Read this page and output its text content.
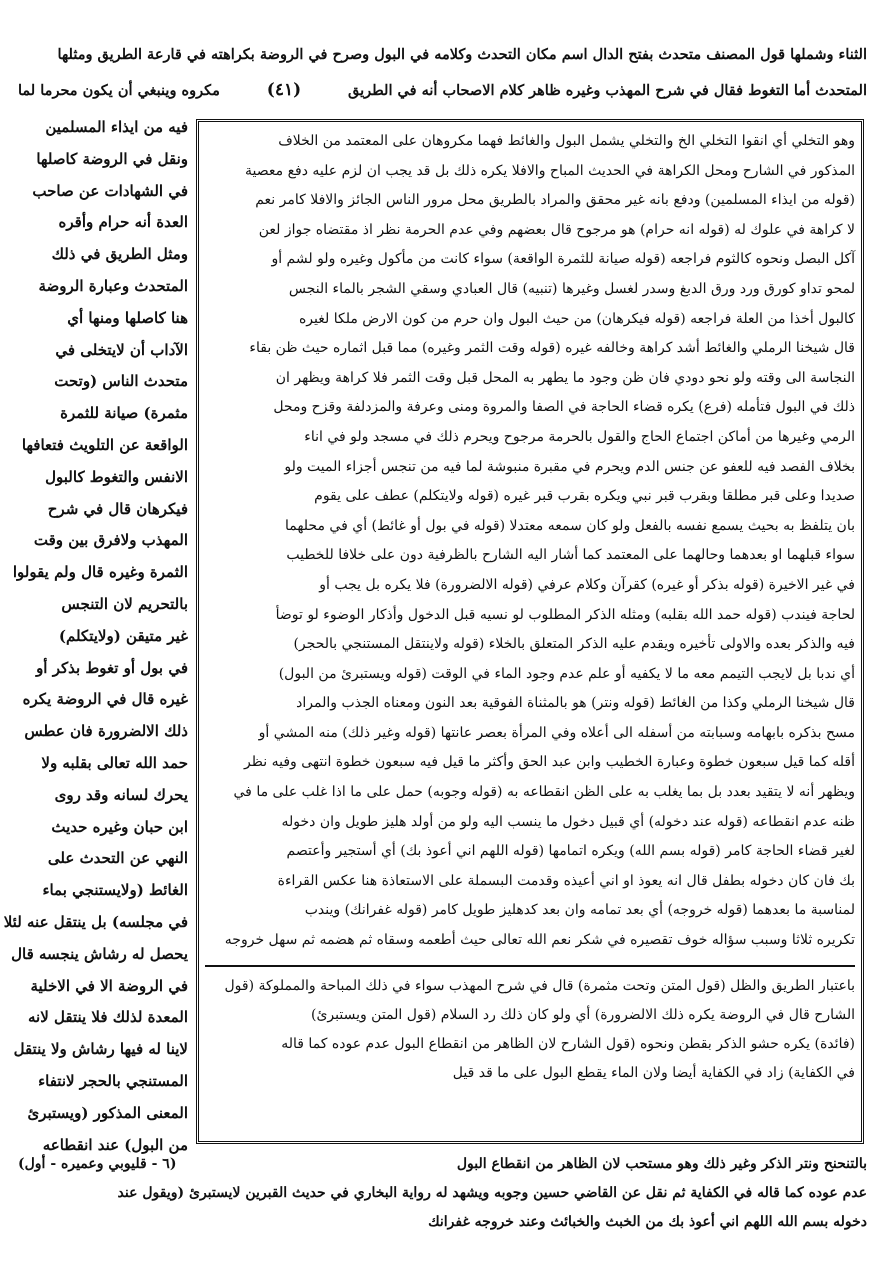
الثناء وشملها قول المصنف متحدث بفتح الدال اسم مكان التحدث وكلامه في البول وصرح في الروضة بكراهته في قارعة الطريق ومثلها
المتحدث أما التغوط فقال في شرح المهذب وغيره ظاهر كلام الاصحاب أنه في الطريق
(٤١)
مكروه وينبغي أن يكون محرما لما
فيه من ايذاء المسلمين
ونقل في الروضة كاصلها
في الشهادات عن صاحب
العدة أنه حرام وأقره
ومثل الطريق في ذلك
المتحدث وعبارة الروضة
هنا كاصلها ومنها أي
الآداب أن لايتخلى في
متحدث الناس (وتحت
مثمرة) صيانة للثمرة
الواقعة عن التلويث فتعافها
الانفس والتغوط كالبول
فيكرهان قال في شرح
المهذب ولافرق بين وقت
الثمرة وغيره قال ولم يقولوا
بالتحريم لان التنجس
غير متيقن (ولايتكلم)
في بول أو تغوط بذكر أو
غيره قال في الروضة يكره
ذلك الالضرورة فان عطس
حمد الله تعالى بقلبه ولا
يحرك لسانه وقد روى
ابن حبان وغيره حديث
النهي عن التحدث على
الغائط (ولايستنجي بماء
في مجلسه) بل ينتقل عنه لئلا
يحصل له رشاش ينجسه قال
في الروضة الا في الاخلية
المعدة لذلك فلا ينتقل لانه
لاينا له فيها رشاش ولا ينتقل
المستنجي بالحجر لانتفاء
المعنى المذكور (ويستبرئ
من البول) عند انقطاعه
وهو التخلي أي انقوا التخلي الخ والتخلي يشمل البول والغائط فهما مكروهان على المعتمد من الخلاف
المذكور في الشارح ومحل الكراهة في الحديث المباح والافلا يكره ذلك بل قد يجب ان لزم عليه دفع معصية
(قوله من ايذاء المسلمين) ودفع بانه غير محقق والمراد بالطريق محل مرور الناس الجائز والافلا كامر نعم
لا كراهة في علوك له (قوله انه حرام) هو مرجوح قال بعضهم وفي عدم الحرمة نظر اذ مقتضاه جواز لعن
آكل البصل ونحوه كالثوم فراجعه (قوله صيانة للثمرة الواقعة) سواء كانت من مأكول وغيره ولو لشم أو
لمحو تداو كورق ورد ورق الدبغ وسدر لغسل وغيرها (تنبيه) قال العبادي وسقي الشجر بالماء النجس
كالبول أخذا من العلة فراجعه (قوله فيكرهان) من حيث البول وان حرم من كون الارض ملكا لغيره
قال شيخنا الرملي والغائط أشد كراهة وخالفه غيره (قوله وقت الثمر وغيره) مما قبل اثماره حيث ظن بقاء
النجاسة الى وقته ولو نحو دودي فان ظن وجود ما يطهر به المحل قبل وقت الثمر فلا كراهة ويظهر ان
ذلك في البول فتأمله (فرع) يكره قضاء الحاجة في الصفا والمروة ومنى وعرفة والمزدلفة وقزح ومحل
الرمي وغيرها من أماكن اجتماع الحاج والقول بالحرمة مرجوح ويحرم ذلك في مسجد ولو في اناء
بخلاف الفصد فيه للعفو عن جنس الدم ويحرم في مقبرة منبوشة لما فيه من تنجس أجزاء الميت ولو
صديدا وعلى قبر مطلقا وبقرب قبر نبي ويكره بقرب قبر غيره (قوله ولايتكلم) عطف على يقوم
بان يتلفظ به بحيث يسمع نفسه بالفعل ولو كان سمعه معتدلا (قوله في بول أو غائط) أي في محلهما
سواء قبلهما او بعدهما وحالهما على المعتمد كما أشار اليه الشارح بالظرفية دون على خلافا للخطيب
في غير الاخيرة (قوله بذكر أو غيره) كقرآن وكلام عرفي (قوله الالضرورة) فلا يكره بل يجب أو
لحاجة فيندب (قوله حمد الله بقلبه) ومثله الذكر المطلوب لو نسيه قبل الدخول وأذكار الوضوء لو توضأ
فيه والذكر بعده والاولى تأخيره ويقدم عليه الذكر المتعلق بالخلاء (قوله ولاينتقل المستنجي بالحجر)
أي ندبا بل لايجب التيمم معه ما لا يكفيه أو علم عدم وجود الماء في الوقت (قوله ويستبرئ من البول)
قال شيخنا الرملي وكذا من الغائط (قوله ونتر) هو بالمثناة الفوقية بعد النون ومعناه الجذب والمراد
مسح بذكره بابهامه وسبابته من أسفله الى أعلاه وفي المرأة بعصر عانتها (قوله وغير ذلك) منه المشي أو
أقله كما قيل سبعون خطوة وعبارة الخطيب وابن عبد الحق وأكثر ما قيل فيه سبعون خطوة انتهى وفيه نظر
ويظهر أنه لا يتقيد بعدد بل بما يغلب به على الظن انقطاعه به (قوله وجوبه) حمل على ما اذا غلب على ما في
ظنه عدم انقطاعه (قوله عند دخوله) أي قبيل دخول ما ينسب اليه ولو من أولد هليز طويل وان دخوله
لغير قضاء الحاجة كامر (قوله بسم الله) ويكره اتمامها (قوله اللهم اني أعوذ بك) أي أستجير وأعتصم
بك فان كان دخوله بطفل قال انه يعوذ او اني أعيذه وقدمت البسملة على الاستعاذة هنا عكس القراءة
لمناسبة ما بعدهما (قوله خروجه) أي بعد تمامه وان بعد كدهليز طويل كامر (قوله غفرانك) ويندب
تكريره ثلاثا وسبب سؤاله خوف تقصيره في شكر نعم الله تعالى حيث أطعمه وسقاه ثم هضمه ثم سهل خروجه
باعتبار الطريق والظل (قول المتن وتحت مثمرة) قال في شرح المهذب سواء في ذلك المباحة والمملوكة (قول
الشارح قال في الروضة يكره ذلك الالضرورة) أي ولو كان ذلك رد السلام (قول المتن ويستبرئ)
(فائدة) يكره حشو الذكر بقطن ونحوه (قول الشارح لان الظاهر من انقطاع البول عدم عوده كما قاله
في الكفاية) زاد في الكفاية أيضا ولان الماء يقطع البول على ما قد قيل
بالتنحنح ونتر الذكر وغير ذلك وهو مستحب لان الظاهر من انقطاع البول
(٦ - قليوبي وعميره - أول)
عدم عوده كما قاله في الكفاية ثم نقل عن القاضي حسين وجوبه ويشهد له رواية البخاري في حديث القبرين لايستبرئ (ويقول عند
دخوله بسم الله اللهم اني أعوذ بك من الخبث والخبائث وعند خروجه غفرانك
